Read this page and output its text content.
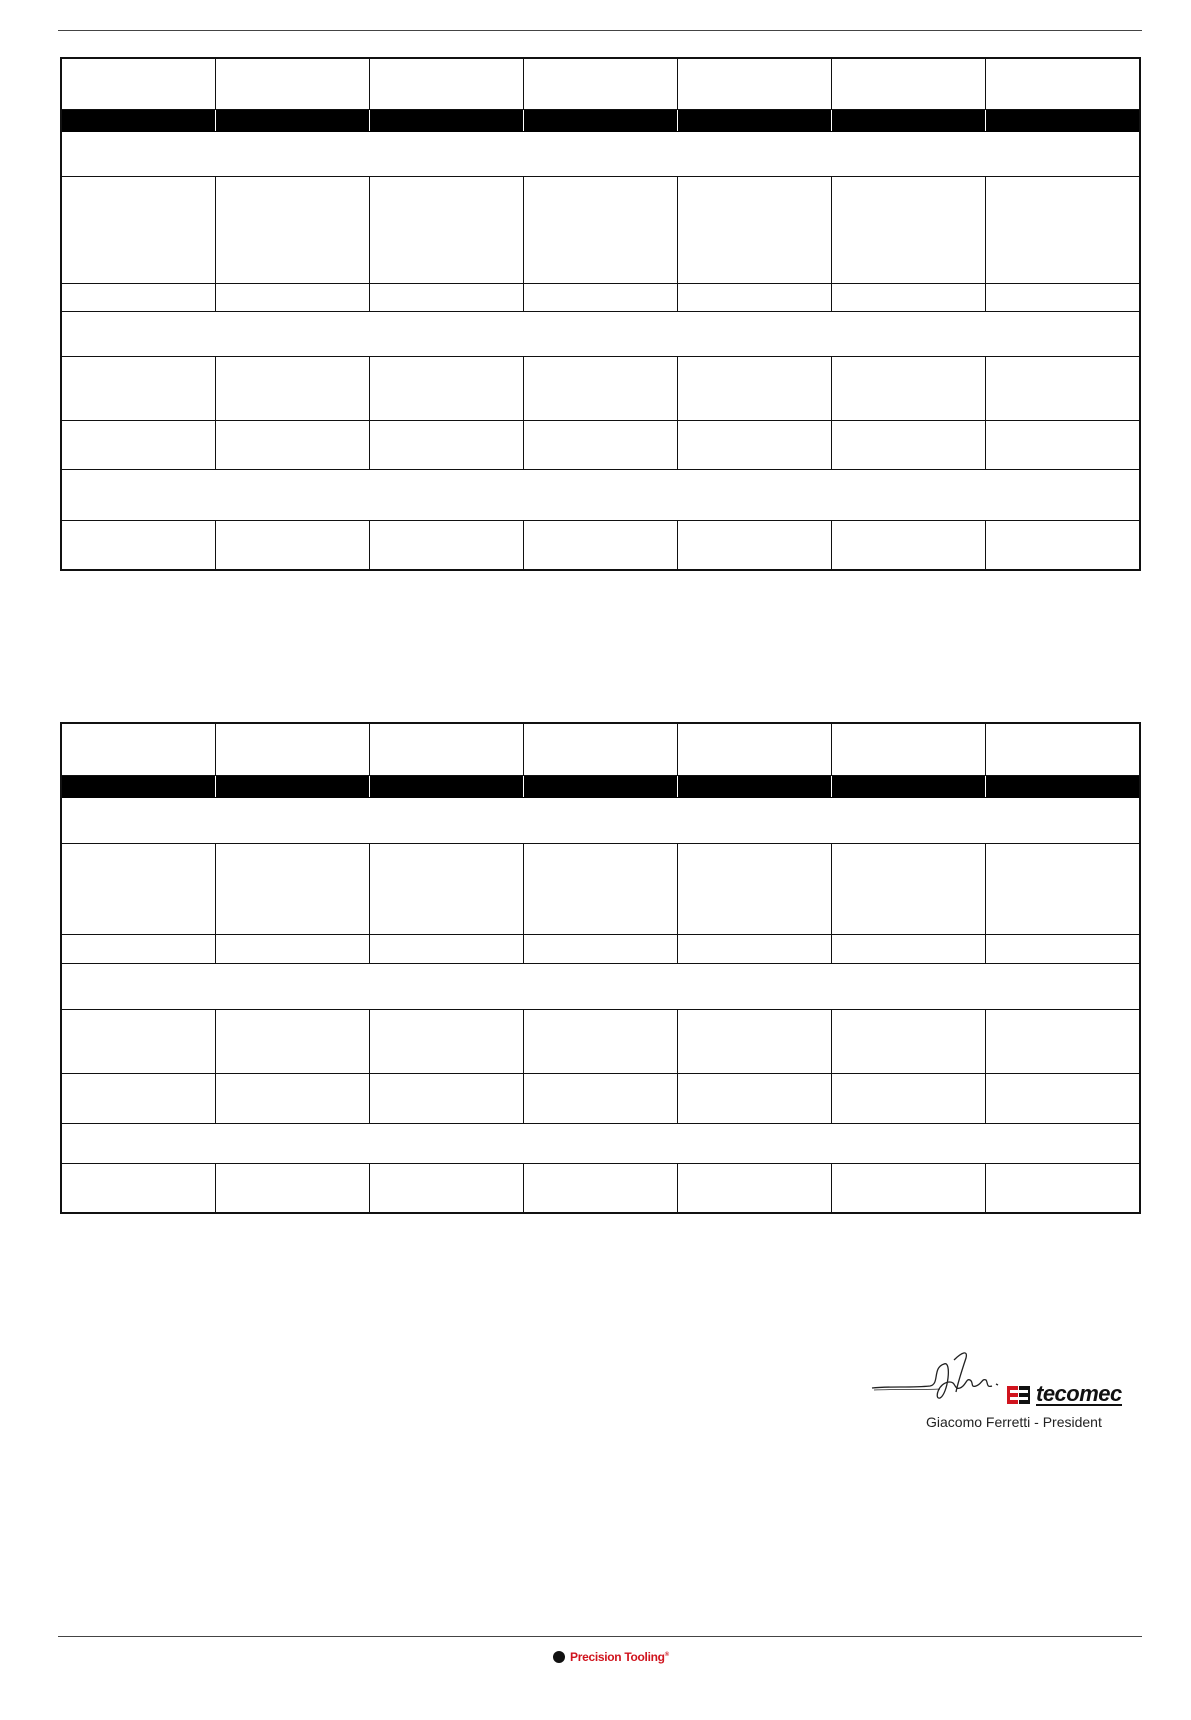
tecomec
Giacomo Ferretti - President
Precision Tooling®
